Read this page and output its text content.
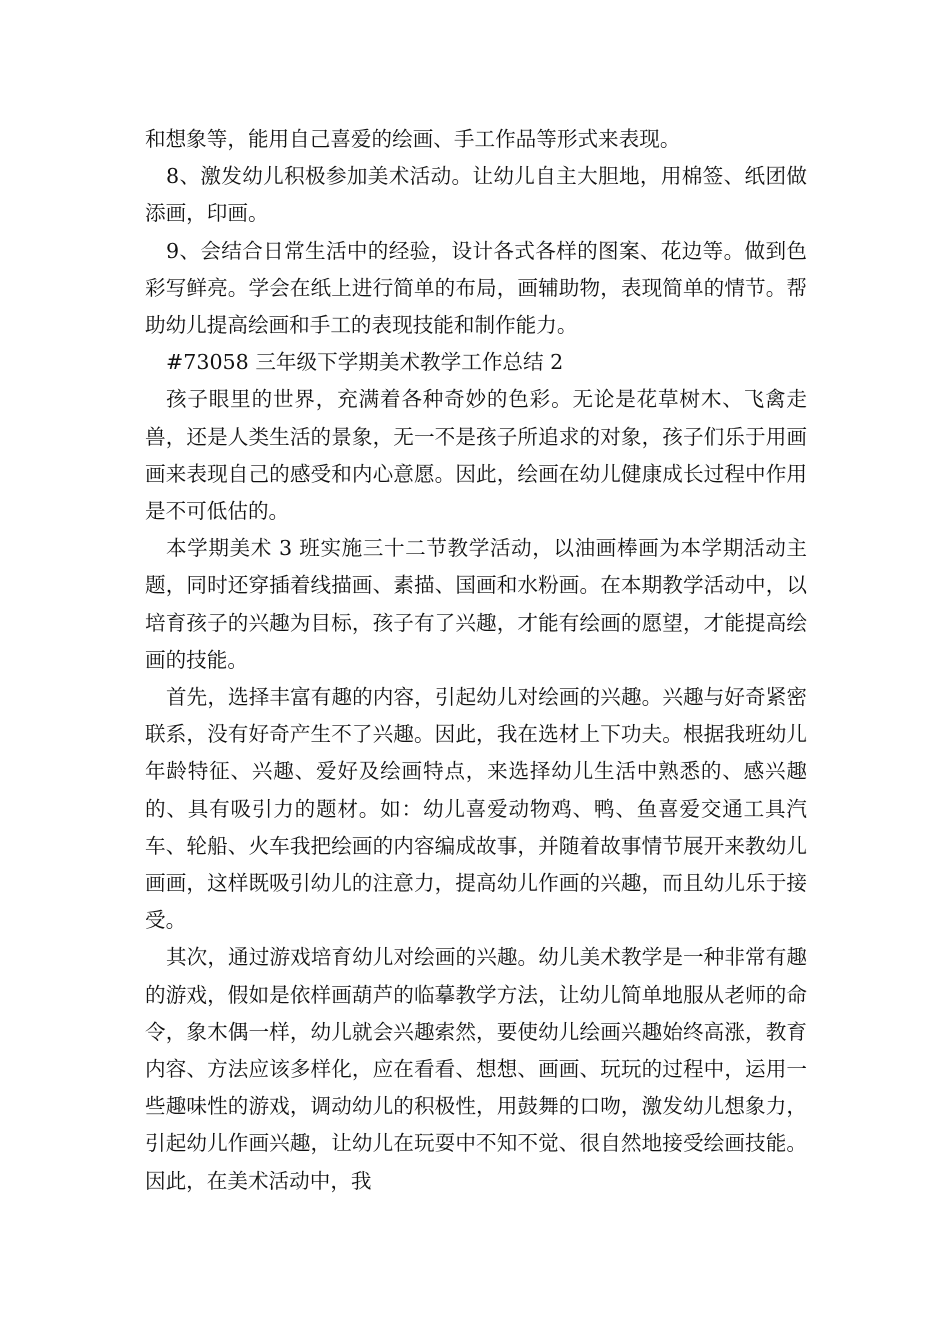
和想象等，能用自己喜爱的绘画、手工作品等形式来表现。

8、激发幼儿积极参加美术活动。让幼儿自主大胆地，用棉签、纸团做添画，印画。

9、会结合日常生活中的经验，设计各式各样的图案、花边等。做到色彩写鲜亮。学会在纸上进行简单的布局，画辅助物，表现简单的情节。帮助幼儿提高绘画和手工的表现技能和制作能力。

#73058 三年级下学期美术教学工作总结 2

孩子眼里的世界，充满着各种奇妙的色彩。无论是花草树木、飞禽走兽，还是人类生活的景象，无一不是孩子所追求的对象，孩子们乐于用画画来表现自己的感受和内心意愿。因此，绘画在幼儿健康成长过程中作用是不可低估的。

本学期美术 3 班实施三十二节教学活动，以油画棒画为本学期活动主题，同时还穿插着线描画、素描、国画和水粉画。在本期教学活动中，以培育孩子的兴趣为目标，孩子有了兴趣，才能有绘画的愿望，才能提高绘画的技能。

首先，选择丰富有趣的内容，引起幼儿对绘画的兴趣。兴趣与好奇紧密联系，没有好奇产生不了兴趣。因此，我在选材上下功夫。根据我班幼儿年龄特征、兴趣、爱好及绘画特点，来选择幼儿生活中熟悉的、感兴趣的、具有吸引力的题材。如：幼儿喜爱动物鸡、鸭、鱼喜爱交通工具汽车、轮船、火车我把绘画的内容编成故事，并随着故事情节展开来教幼儿画画，这样既吸引幼儿的注意力，提高幼儿作画的兴趣，而且幼儿乐于接受。

其次，通过游戏培育幼儿对绘画的兴趣。幼儿美术教学是一种非常有趣的游戏，假如是依样画葫芦的临摹教学方法，让幼儿简单地服从老师的命令，象木偶一样，幼儿就会兴趣索然，要使幼儿绘画兴趣始终高涨，教育内容、方法应该多样化，应在看看、想想、画画、玩玩的过程中，运用一些趣味性的游戏，调动幼儿的积极性，用鼓舞的口吻，激发幼儿想象力，引起幼儿作画兴趣，让幼儿在玩耍中不知不觉、很自然地接受绘画技能。因此，在美术活动中，我
